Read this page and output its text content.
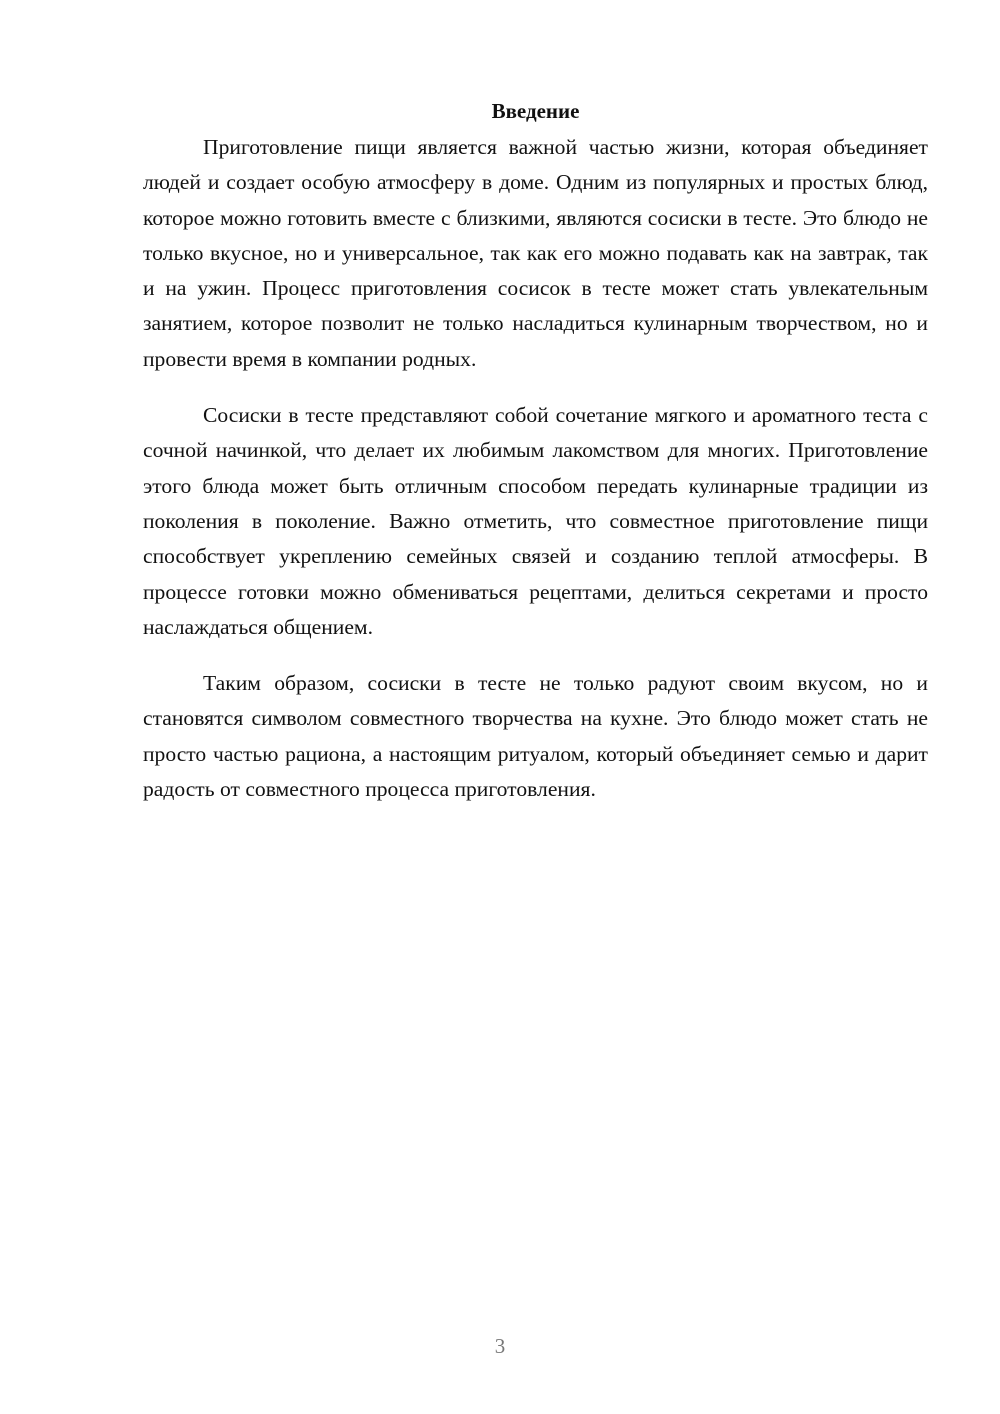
Введение

Приготовление пищи является важной частью жизни, которая объединяет людей и создает особую атмосферу в доме. Одним из популярных и простых блюд, которое можно готовить вместе с близкими, являются сосиски в тесте. Это блюдо не только вкусное, но и универсальное, так как его можно подавать как на завтрак, так и на ужин. Процесс приготовления сосисок в тесте может стать увлекательным занятием, которое позволит не только насладиться кулинарным творчеством, но и провести время в компании родных.

Сосиски в тесте представляют собой сочетание мягкого и ароматного теста с сочной начинкой, что делает их любимым лакомством для многих. Приготовление этого блюда может быть отличным способом передать кулинарные традиции из поколения в поколение. Важно отметить, что совместное приготовление пищи способствует укреплению семейных связей и созданию теплой атмосферы. В процессе готовки можно обмениваться рецептами, делиться секретами и просто наслаждаться общением.

Таким образом, сосиски в тесте не только радуют своим вкусом, но и становятся символом совместного творчества на кухне. Это блюдо может стать не просто частью рациона, а настоящим ритуалом, который объединяет семью и дарит радость от совместного процесса приготовления.

3
